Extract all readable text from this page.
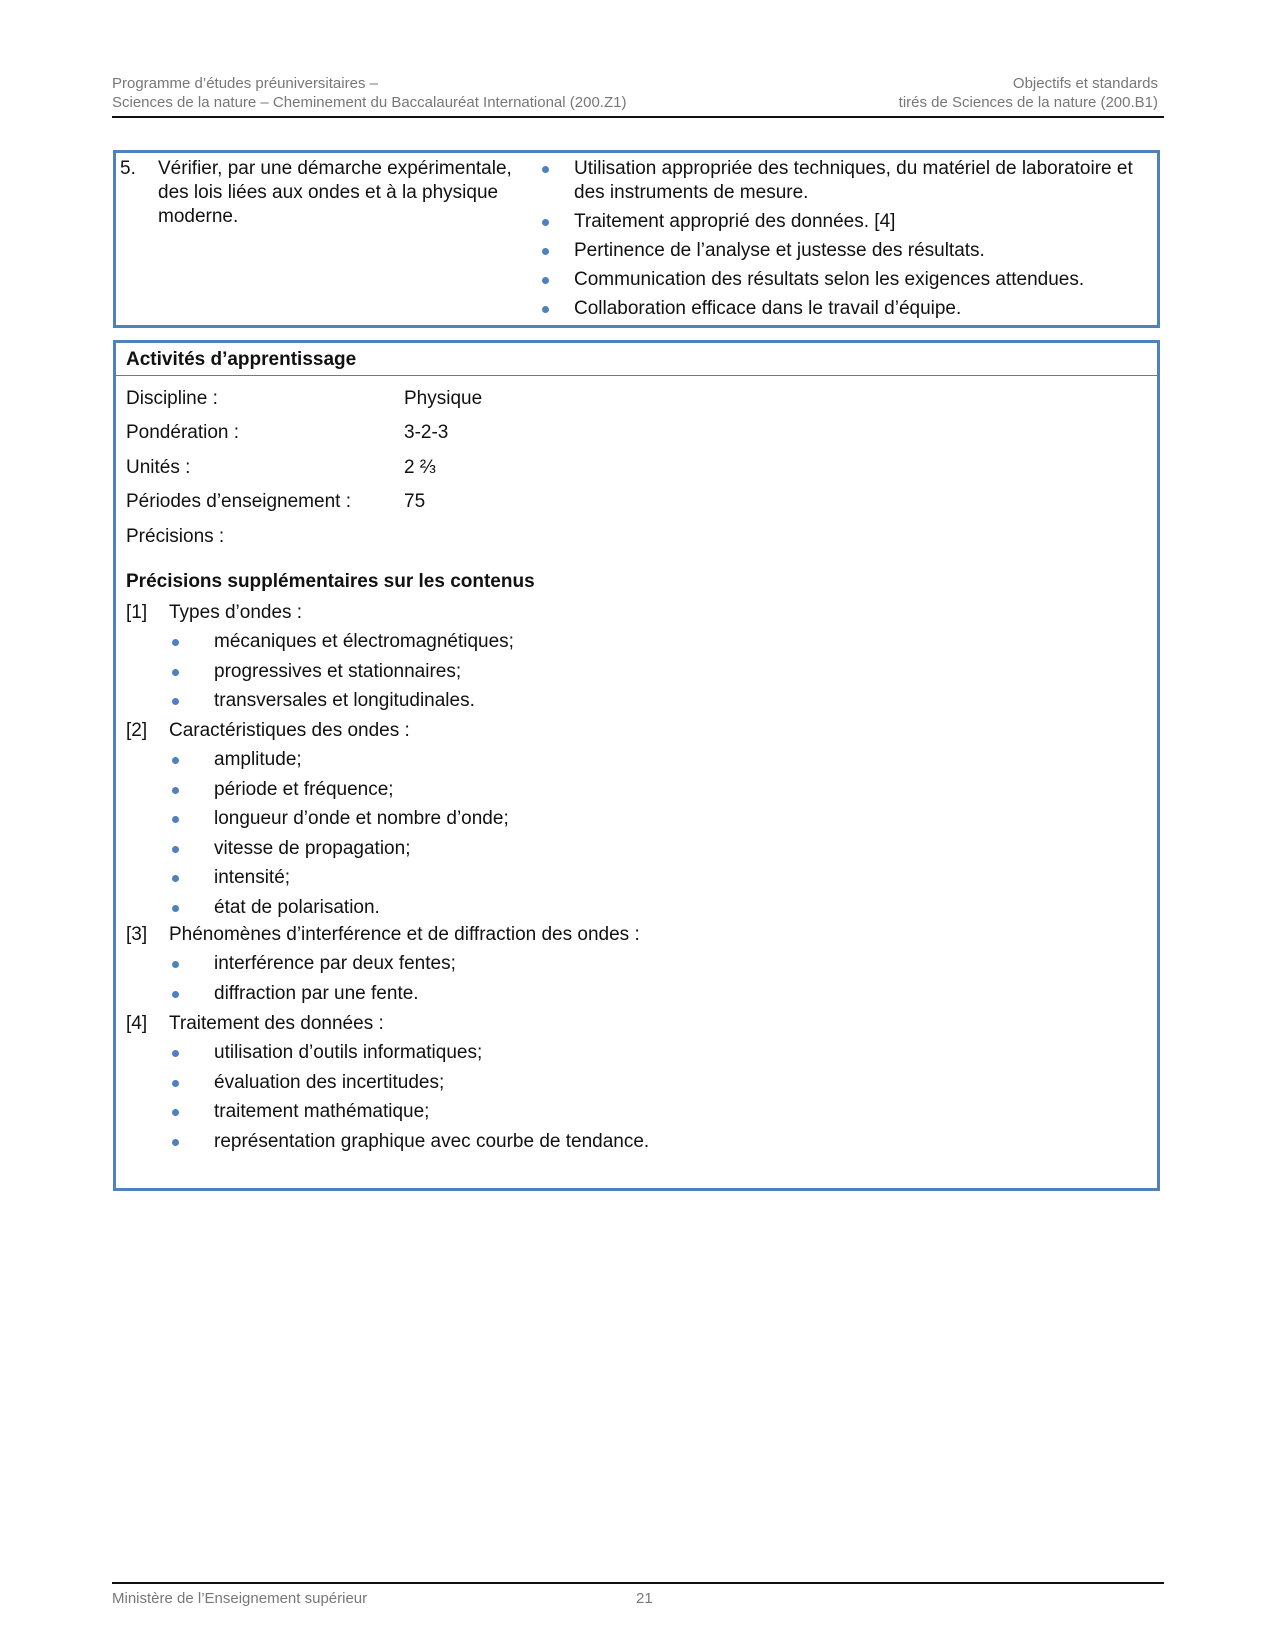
Programme d’études préuniversitaires –
Sciences de la nature – Cheminement du Baccalauréat International (200.Z1)
Objectifs et standards
tirés de Sciences de la nature (200.B1)
5. Vérifier, par une démarche expérimentale, des lois liées aux ondes et à la physique moderne.
Utilisation appropriée des techniques, du matériel de laboratoire et des instruments de mesure.
Traitement approprié des données. [4]
Pertinence de l’analyse et justesse des résultats.
Communication des résultats selon les exigences attendues.
Collaboration efficace dans le travail d’équipe.
Activités d’apprentissage
Discipline :	Physique
Pondération :	3-2-3
Unités :	2 ⅔
Périodes d’enseignement :	75
Précisions :
Précisions supplémentaires sur les contenus
[1] Types d’ondes :
mécaniques et électromagnétiques;
progressives et stationnaires;
transversales et longitudinales.
[2] Caractéristiques des ondes :
amplitude;
période et fréquence;
longueur d’onde et nombre d’onde;
vitesse de propagation;
intensité;
état de polarisation.
[3] Phénomènes d’interférence et de diffraction des ondes :
interférence par deux fentes;
diffraction par une fente.
[4] Traitement des données :
utilisation d’outils informatiques;
évaluation des incertitudes;
traitement mathématique;
représentation graphique avec courbe de tendance.
Ministère de l’Enseignement supérieur	21
